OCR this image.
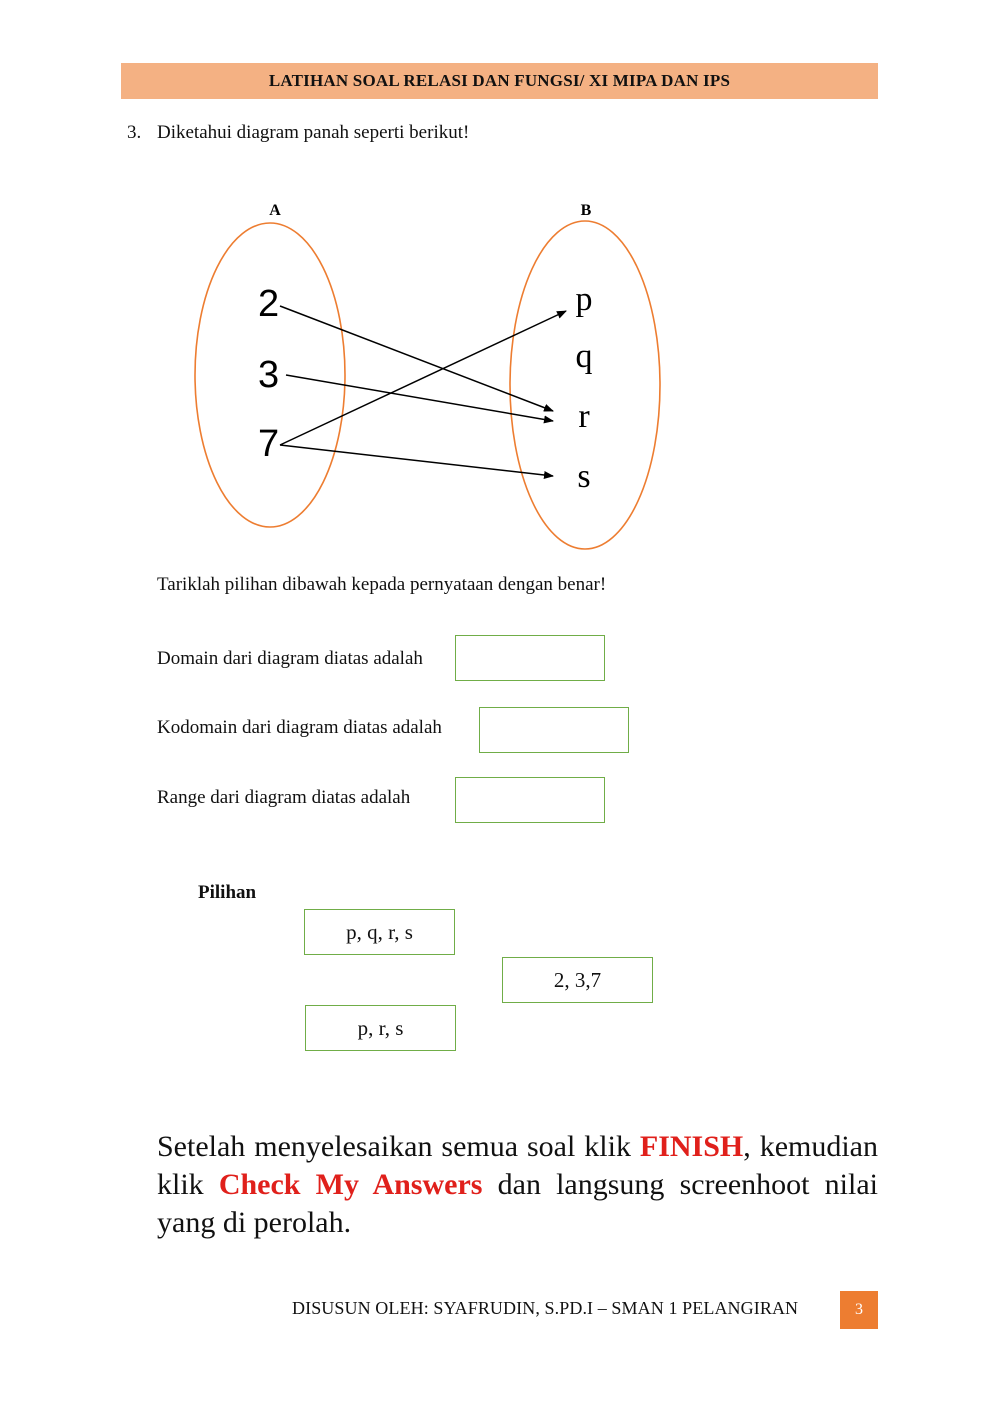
LATIHAN SOAL RELASI DAN FUNGSI/ XI MIPA DAN IPS
3. Diketahui diagram panah seperti berikut!
A	B
2
3
7
p
q
r
s
Tariklah pilihan dibawah kepada pernyataan dengan benar!
Domain dari diagram diatas adalah
Kodomain dari diagram diatas adalah
Range dari diagram diatas adalah
Pilihan
p, q, r, s
2, 3,7
p, r, s
Setelah menyelesaikan semua soal klik FINISH, kemudian klik Check My Answers dan langsung screenhoot nilai yang di perolah.
DISUSUN OLEH: SYAFRUDIN, S.PD.I – SMAN 1 PELANGIRAN	3
